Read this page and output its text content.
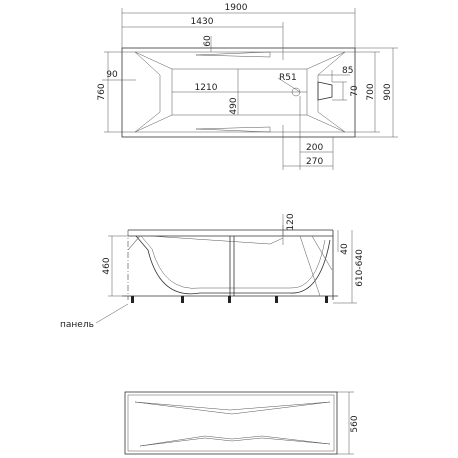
1900
1430
60
90
760	1210
490
R51
85
70 700 900
200
270
120
40
460	610-640
панель
560
